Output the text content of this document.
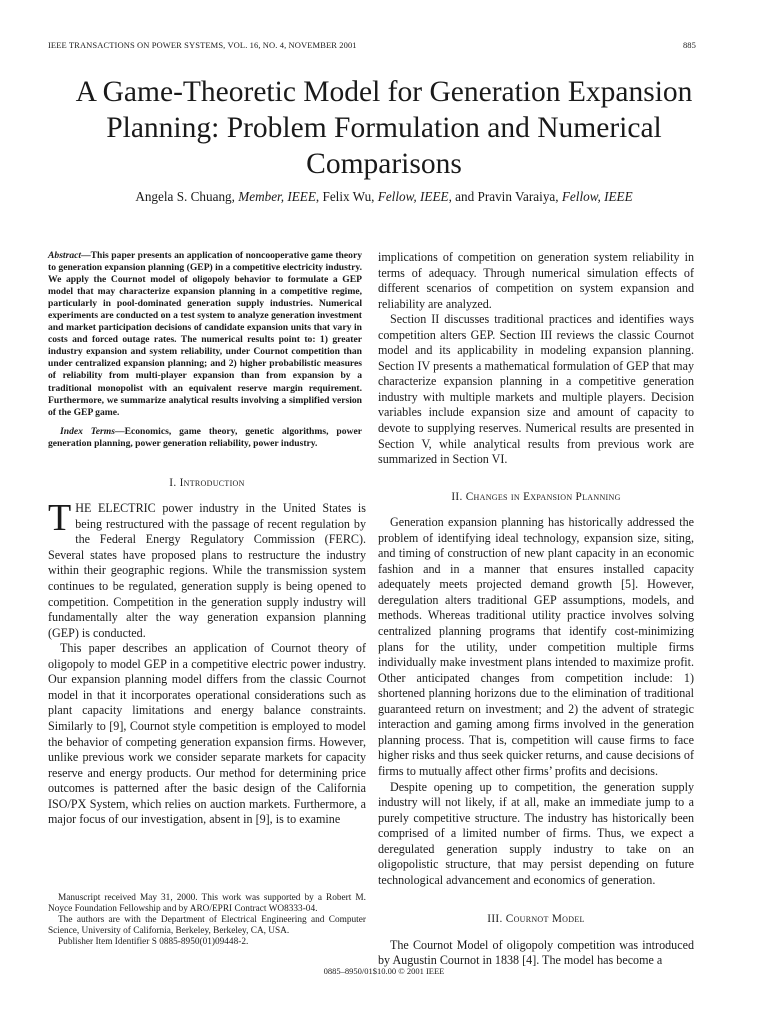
IEEE TRANSACTIONS ON POWER SYSTEMS, VOL. 16, NO. 4, NOVEMBER 2001	885
A Game-Theoretic Model for Generation Expansion Planning: Problem Formulation and Numerical Comparisons
Angela S. Chuang, Member, IEEE, Felix Wu, Fellow, IEEE, and Pravin Varaiya, Fellow, IEEE

Abstract—This paper presents an application of noncooperative game theory to generation expansion planning (GEP) in a competitive electricity industry. We apply the Cournot model of oligopoly behavior to formulate a GEP model that may characterize expansion planning in a competitive regime, particularly in pool-dominated generation supply industries. Numerical experiments are conducted on a test system to analyze generation investment and market participation decisions of candidate expansion units that vary in costs and forced outage rates. The numerical results point to: 1) greater industry expansion and system reliability, under Cournot competition than under centralized expansion planning; and 2) higher probabilistic measures of reliability from multi-player expansion than from expansion by a traditional monopolist with an equivalent reserve margin requirement. Furthermore, we summarize analytical results involving a simplified version of the GEP game.

Index Terms—Economics, game theory, genetic algorithms, power generation planning, power generation reliability, power industry.

I. Introduction

THE ELECTRIC power industry in the United States is being restructured with the passage of recent regulation by the Federal Energy Regulatory Commission (FERC). Several states have proposed plans to restructure the industry within their geographic regions. While the transmission system continues to be regulated, generation supply is being opened to competition. Competition in the generation supply industry will fundamentally alter the way generation expansion planning (GEP) is conducted.

This paper describes an application of Cournot theory of oligopoly to model GEP in a competitive electric power industry. Our expansion planning model differs from the classic Cournot model in that it incorporates operational considerations such as plant capacity limitations and energy balance constraints. Similarly to [9], Cournot style competition is employed to model the behavior of competing generation expansion firms. However, unlike previous work we consider separate markets for capacity reserve and energy products. Our method for determining price outcomes is patterned after the basic design of the California ISO/PX System, which relies on auction markets. Furthermore, a major focus of our investigation, absent in [9], is to examine

implications of competition on generation system reliability in terms of adequacy. Through numerical simulation effects of different scenarios of competition on system expansion and reliability are analyzed.

Section II discusses traditional practices and identifies ways competition alters GEP. Section III reviews the classic Cournot model and its applicability in modeling expansion planning. Section IV presents a mathematical formulation of GEP that may characterize expansion planning in a competitive generation industry with multiple markets and multiple players. Decision variables include expansion size and amount of capacity to devote to supplying reserves. Numerical results are presented in Section V, while analytical results from previous work are summarized in Section VI.

II. Changes in Expansion Planning

Generation expansion planning has historically addressed the problem of identifying ideal technology, expansion size, siting, and timing of construction of new plant capacity in an economic fashion and in a manner that ensures installed capacity adequately meets projected demand growth [5]. However, deregulation alters traditional GEP assumptions, models, and methods. Whereas traditional utility practice involves solving centralized planning programs that identify cost-minimizing plans for the utility, under competition multiple firms individually make investment plans intended to maximize profit. Other anticipated changes from competition include: 1) shortened planning horizons due to the elimination of traditional guaranteed return on investment; and 2) the advent of strategic interaction and gaming among firms involved in the generation planning process. That is, competition will cause firms to face higher risks and thus seek quicker returns, and cause decisions of firms to mutually affect other firms’ profits and decisions.

Despite opening up to competition, the generation supply industry will not likely, if at all, make an immediate jump to a purely competitive structure. The industry has historically been comprised of a limited number of firms. Thus, we expect a deregulated generation supply industry to take on an oligopolistic structure, that may persist depending on future technological advancement and economics of generation.

III. Cournot Model

The Cournot Model of oligopoly competition was introduced by Augustin Cournot in 1838 [4]. The model has become a

Manuscript received May 31, 2000. This work was supported by a Robert M. Noyce Foundation Fellowship and by ARO/EPRI Contract WO8333-04.

The authors are with the Department of Electrical Engineering and Computer Science, University of California, Berkeley, Berkeley, CA, USA.

Publisher Item Identifier S 0885-8950(01)09448-2.

0885–8950/01$10.00 © 2001 IEEE
